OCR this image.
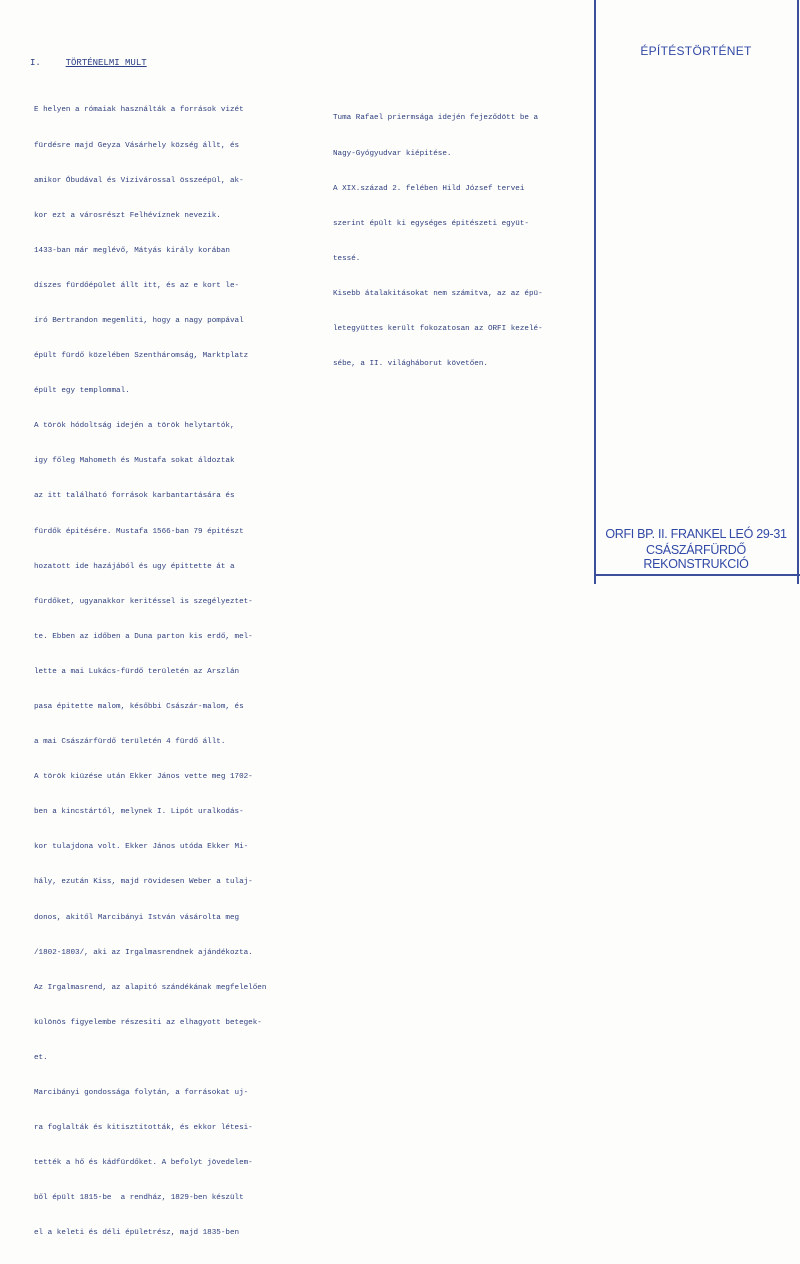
ÉPÍTÉSTÖRTÉNET
ORFI BP. II. FRANKEL LEÓ 29-31
CSÁSZÁRFÜRDŐ REKONSTRUKCIÓ
I.	TÖRTÉNELMI MULT

E helyen a rómaiak használták a források vizét

fürdésre majd Geyza Vásárhely község állt, és

amikor Óbudával és Vizivárossal összeépül, ak-

kor ezt a városrészt Felhévíznek nevezik.

1433-ban már meglévő, Mátyás király korában

díszes fürdőépület állt itt, és az e kort le-

író Bertrandon megemliti, hogy a nagy pompával

épült fürdő közelében Szentháromság, Marktplatz

épült egy templommal.

A török hódoltság idején a török helytartók,

igy főleg Mahometh és Mustafa sokat áldoztak

az itt található források karbantartására és

fürdők épitésére. Mustafa 1566-ban 79 épitészt

hozatott ide hazájából és ugy épittette át a

fürdőket, ugyanakkor keritéssel is szegélyeztet-

te. Ebben az időben a Duna parton kis erdő, mel-

lette a mai Lukács-fürdő területén az Arszlán

pasa épitette malom, későbbi Császár-malom, és

a mai Császárfürdő területén 4 fürdő állt.

A török kiüzése után Ekker János vette meg 1702-

ben a kincstártól, melynek I. Lipót uralkodás-

kor tulajdona volt. Ekker János utóda Ekker Mi-

hály, ezután Kiss, majd rövidesen Weber a tulaj-

donos, akitől Marcibányi István vásárolta meg

/1802-1803/, aki az Irgalmasrendnek ajándékozta.

Az Irgalmasrend, az alapitó szándékának megfelelően

különös figyelembe részesiti az elhagyott betegek-

et.

Marcibányi gondossága folytán, a forrásokat uj-

ra foglalták és kitisztitották, és ekkor létesi-

tették a hő és kádfürdőket. A befolyt jövedelem-

ből épült 1815-be  a rendház, 1829-ben készült

el a keleti és déli épületrész, majd 1835-ben

Tuma Rafael priermsága idején fejeződött be a

Nagy-Gyógyudvar kiépitése.

A XIX.század 2. felében Hild József tervei

szerint épült ki egységes épitészeti együt-

tessé.

Kisebb átalakitásokat nem számitva, az az épü-

letegyüttes került fokozatosan az ORFI kezelé-

sébe, a II. világháborut követően.
